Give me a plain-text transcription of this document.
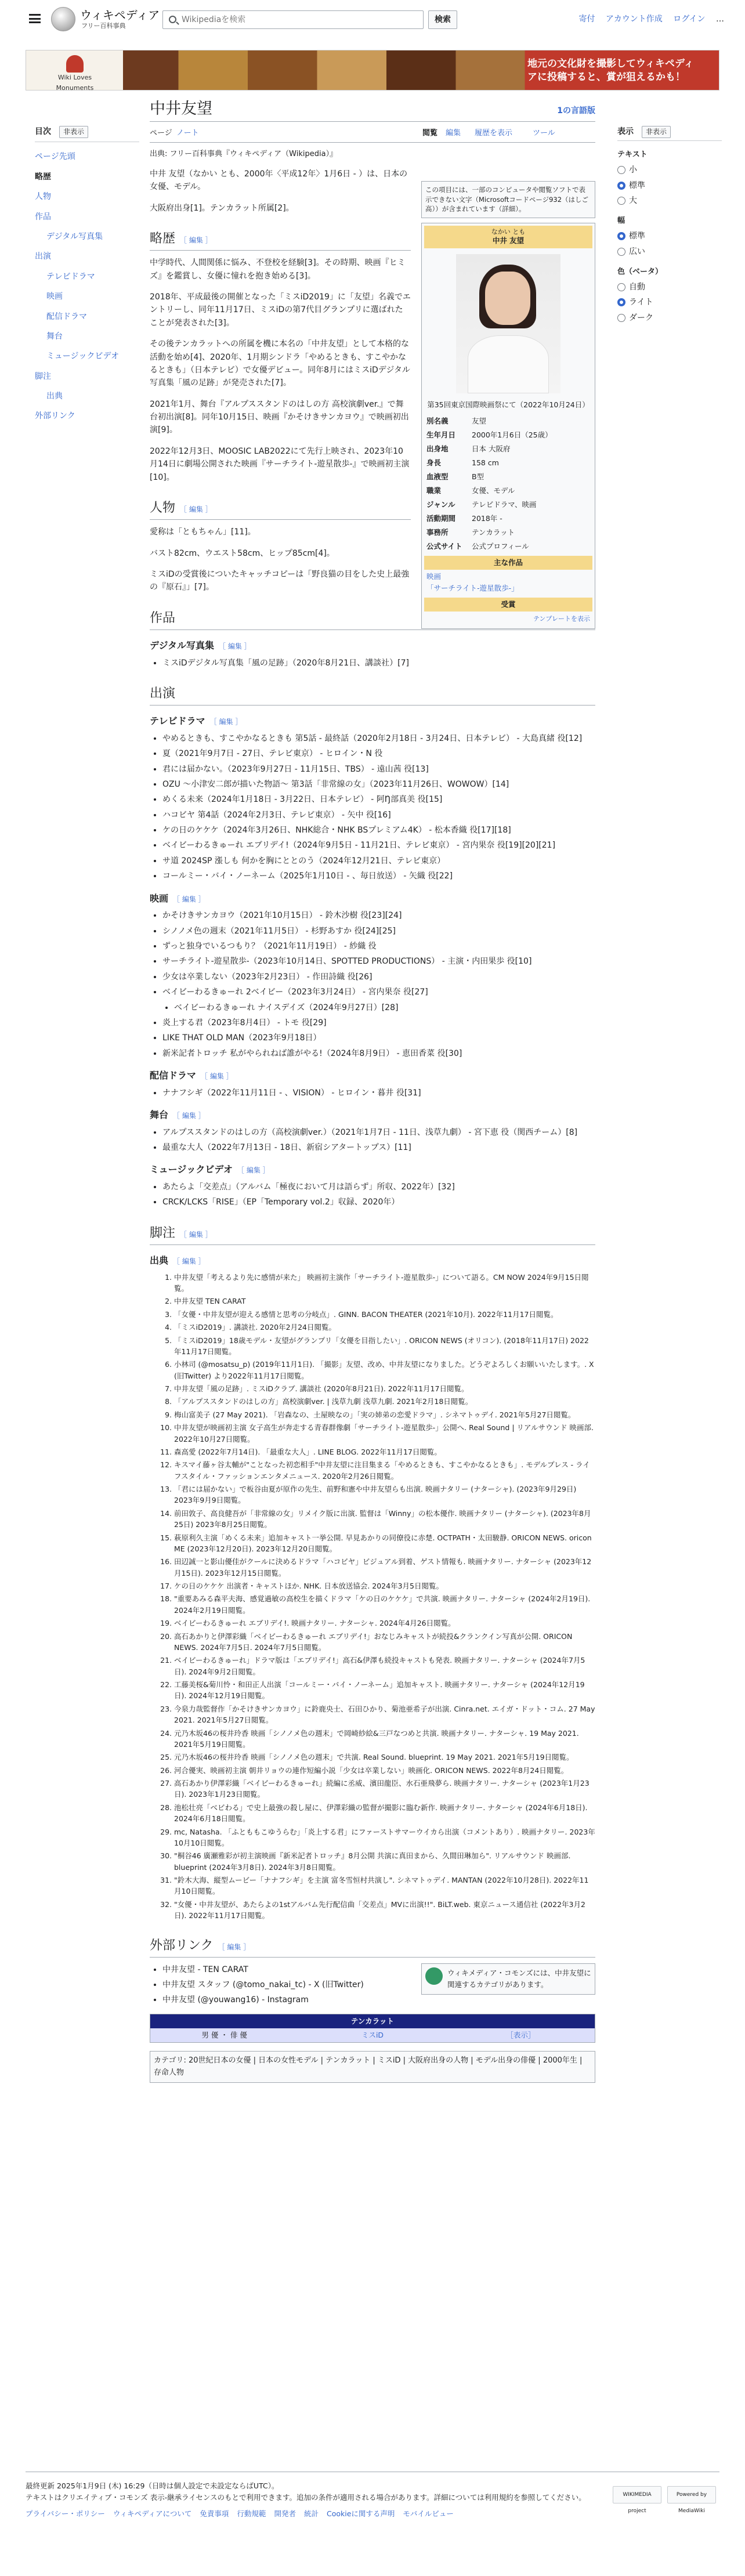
ウィキペディア
フリー百科事典
Wikipediaを検索
検索	寄付 アカウント作成 ログイン …
Wiki Loves Monuments
地元の文化財を撮影してウィキペディアに投稿すると、賞が狙えるかも！
目次 非表示
ページ先頭
略歴
人物
作品
デジタル写真集
出演
テレビドラマ
映画
配信ドラマ
舞台
ミュージックビデオ
脚注
出典
外部リンク
表示 非表示
テキスト
小
標準
大
幅
標準
広い
色（ベータ）
自動
ライト
ダーク
この項目には、一部のコンピュータや閲覧ソフトで表示できない文字（Microsoftコードページ932（はしご高））が含まれています（詳細）。
なかい とも
中井 友望
第35回東京国際映画祭にて（2022年10月24日）
別名義	友望
生年月日	2000年1月6日（25歳）
出身地	日本 大阪府
身長	158 cm
血液型	B型
職業	女優、モデル
ジャンル	テレビドラマ、映画
活動期間	2018年 -
事務所	テンカラット
公式サイト	公式プロフィール
主な作品
映画
「サーチライト-遊星散歩-」
受賞
テンプレートを表示
中井友望	1の言語版
ページ ノート	閲覧 編集 履歴を表示	ツール
出典: フリー百科事典『ウィキペディア（Wikipedia）』

中井 友望（なかい とも、2000年〈平成12年〉1月6日 - ）は、日本の女優、モデル。

大阪府出身[1]。テンカラット所属[2]。

略歴 ［ 編集 ］

中学時代、人間関係に悩み、不登校を経験[3]。その時期、映画『ヒミズ』を鑑賞し、女優に憧れを抱き始める[3]。

2018年、平成最後の開催となった「ミスiD2019」に「友望」名義でエントリーし、同年11月17日、ミスiDの第7代目グランプリに選ばれたことが発表された[3]。

その後テンカラットへの所属を機に本名の「中井友望」として本格的な活動を始め[4]、2020年、1月期シンドラ「やめるときも、すこやかなるときも」（日本テレビ）で女優デビュー。同年8月にはミスiDデジタル写真集「風の足跡」が発売された[7]。

2021年1月、舞台『アルプススタンドのはしの方 高校演劇ver.』で舞台初出演[8]。同年10月15日、映画『かそけきサンカヨウ』で映画初出演[9]。

2022年12月3日、MOOSIC LAB2022にて先行上映され、2023年10月14日に劇場公開された映画『サーチライト-遊星散歩-』で映画初主演[10]。

人物 ［ 編集 ］

愛称は「ともちゃん」[11]。

バスト82cm、ウエスト58cm、ヒップ85cm[4]。

ミスiDの受賞後についたキャッチコピーは「野良猫の目をした史上最強の『原石』」[7]。

作品
デジタル写真集 ［ 編集 ］
• ミスiDデジタル写真集「風の足跡」（2020年8月21日、講談社）[7]
出演
テレビドラマ ［ 編集 ］
• やめるときも、すこやかなるときも 第5話 - 最終話（2020年2月18日 - 3月24日、日本テレビ） - 大島真緒 役[12]
• 夏（2021年9月7日 - 27日、テレビ東京） - ヒロイン・N 役
• 君には届かない。（2023年9月27日 - 11月15日、TBS） - 遠山茜 役[13]
• OZU 〜小津安二郎が描いた物語〜 第3話「非常線の女」（2023年11月26日、WOWOW）[14]
• めくる未来（2024年1月18日 - 3月22日、日本テレビ） - 阿Ŋ部真美 役[15]
• ハコビヤ 第4話（2024年2月3日、テレビ東京） - 矢中 役[16]
• ケの日のケケケ（2024年3月26日、NHK総合・NHK BSプレミアム4K） - 松本香織 役[17][18]
• ベイビーわるきゅーれ エブリデイ!（2024年9月5日 - 11月21日、テレビ東京） - 宮内果奈 役[19][20][21]
• サ道 2024SP 漲しも 何かを胸にととのう（2024年12月21日、テレビ東京）
• コールミー・バイ・ノーネーム（2025年1月10日 - 、毎日放送） - 矢織 役[22]
映画 ［ 編集 ］
• かそけきサンカヨウ（2021年10月15日） - 鈴木沙樹 役[23][24]
• シノノメ色の週末（2021年11月5日） - 杉野あすか 役[24][25]
• ずっと独身でいるつもり？（2021年11月19日） - 紗織 役
• サーチライト-遊星散歩-（2023年10月14日、SPOTTED PRODUCTIONS） - 主演・内田果歩 役[10]
• 少女は卒業しない（2023年2月23日） - 作田詩織 役[26]
• ベイビーわるきゅーれ 2ベイビー（2023年3月24日） - 宮内果奈 役[27]
• ベイビーわるきゅーれ ナイスデイズ（2024年9月27日）[28]
• 炎上する君（2023年8月4日） - トモ 役[29]
• LIKE THAT OLD MAN（2023年9月18日）
• 新米記者トロッチ 私がやられねば誰がやる!（2024年8月9日） - 恵田香菜 役[30]
配信ドラマ ［ 編集 ］
• ナナフシギ（2022年11月11日 - 、VISION） - ヒロイン・暮井 役[31]
舞台 ［ 編集 ］
• アルプススタンドのはしの方（高校演劇ver.）（2021年1月7日 - 11日、浅草九劇） - 宮下恵 役（関西チーム）[8]
• 最重な大人（2022年7月13日 - 18日、新宿シアタートップス）[11]
ミュージックビデオ ［ 編集 ］
• あたらよ「交差点」（アルバム「極夜において月は語らず」所収、2022年）[32]
• CRCK/LCKS「RISE」（EP「Temporary vol.2」収録、2020年）
脚注 ［ 編集 ］
出典 ［ 編集 ］
1. 中井友望「考えるより先に感情が来た」 映画初主演作「サーチライト-遊星散歩-」について語る。CM NOW 2024年9月15日閲覧。
2. 中井友望 TEN CARAT
3. 「女優・中井友望が迎える感情と思考の分岐点」. GINN. BACON THEATER (2021年10月). 2022年11月17日閲覧。
4. 「ミスiD2019」. 講談社. 2020年2月24日閲覧。
5. 「ミスiD2019」18歳モデル・友望がグランプリ「女優を目指したい」. ORICON NEWS (オリコン). (2018年11月17日) 2022年11月17日閲覧。
6. 小林司 (@mosatsu_p) (2019年11月1日). 「撮影」友望、改め、中井友望になりました。どうぞよろしくお願いいたします。. X (旧Twitter) より2022年11月17日閲覧。
7. 中井友望「風の足跡」. ミスiDクラブ. 講談社 (2020年8月21日). 2022年11月17日閲覧。
8. 「アルプススタンドのはしの方」高校演劇ver. | 浅草九劇 浅草九劇. 2021年2月18日閲覧。
9. 梅山富美子 (27 May 2021). 「岩森なの、土屋映なの」「実の姉弟の恋愛ドラマ」. シネマトゥデイ. 2021年5月27日閲覧。
10. 中井友望が映画初主演 女子高生が奔走する青春群像劇「サーチライト-遊星散歩-」公開へ. Real Sound | リアルサウンド 映画部. 2022年10月27日閲覧。
11. 森高愛 (2022年7月14日). 「最重な大人」. LINE BLOG. 2022年11月17日閲覧。
12. キスマイ藤ヶ谷太輔が"ことなった初恋相手"中井友望に注目集まる「やめるときも、すこやかなるときも」. モデルプレス - ライフスタイル・ファッションエンタメニュース. 2020年2月26日閲覧。
13. 「君には届かない」で板谷由夏が原作の先生、前野和憲や中井友望らも出演. 映画ナタリー (ナターシャ). (2023年9月29日) 2023年9月9日閲覧。
14. 前田敦子、高良健吾が「非常線の女」リメイク版に出演. 監督は「Winny」の松本優作. 映画ナタリー (ナターシャ). (2023年8月25日) 2023年8月25日閲覧。
15. 萩原利久主演「めくる未来」追加キャスト一挙公開. 早見あかりの同僚役に赤楚. OCTPATH・太田駿静. ORICON NEWS. oricon ME (2023年12月20日). 2023年12月20日閲覧。
16. 田辺誠一と影山優佳がクールに決めるドラマ「ハコビヤ」ビジュアル到着、ゲスト情報も. 映画ナタリー. ナターシャ (2023年12月15日). 2023年12月15日閲覧。
17. ケの日のケケケ 出演者・キャストほか. NHK. 日本放送協会. 2024年3月5日閲覧。
18. "重要あみる森平夫海、感覚過敏の高校生を描くドラマ「ケの日のケケケ」で共演. 映画ナタリー. ナターシャ (2024年2月19日). 2024年2月19日閲覧。
19. ベイビーわるきゅーれ エブリデイ!. 映画ナタリー. ナターシャ. 2024年4月26日閲覧。
20. 高石あかりと伊澤彩織「ベイビーわるきゅーれ エブリデイ!」おなじみキャストが続投&クランクイン写真が公開. ORICON NEWS. 2024年7月5日. 2024年7月5日閲覧。
21. ベイビーわるきゅーれ」ドラマ版は「エブリデイ!」高石&伊澤も続投キャストも発表. 映画ナタリー. ナターシャ (2024年7月5日). 2024年9月2日閲覧。
22. 工藤美桜&菊川怜・和田正人出演「コールミー・バイ・ノーネーム」追加キャスト. 映画ナタリー. ナターシャ (2024年12月19日). 2024年12月19日閲覧。
23. 今泉力哉監督作「かそけきサンカヨウ」に鈴鹿央士、石田ひかり、菊池亜希子が出演. Cinra.net. エイガ・ドット・コム. 27 May 2021. 2021年5月27日閲覧。
24. 元乃木坂46の桜井玲香 映画「シノノメ色の週末」で岡崎紗絵&三戸なつめと共演. 映画ナタリー. ナターシャ. 19 May 2021. 2021年5月19日閲覧。
25. 元乃木坂46の桜井玲香 映画「シノノメ色の週末」で共演. Real Sound. blueprint. 19 May 2021. 2021年5月19日閲覧。
26. 河合優実、映画初主演 朝井リョウの連作短編小説「少女は卒業しない」映画化. ORICON NEWS. 2022年8月24日閲覧。
27. 高石あかり伊澤彩織「ベイビーわるきゅーれ」続編に丞威、濱田龍臣、水石亜飛夢ら. 映画ナタリー. ナターシャ (2023年1月23日). 2023年1月23日閲覧。
28. 池松壮亮「べビわる」で史上最強の殺し屋に、伊澤彩織の監督が撮影に臨む新作. 映画ナタリー. ナターシャ (2024年6月18日). 2024年6月18日閲覧。
29. mc, Natasha. 「ふとももこゆうらむ」「炎上する君」にファーストサマーウイカら出演（コメントあり）. 映画ナタリー. 2023年10月10日閲覧。
30. "桐谷46 廣瀬雅彩が初主演映画『新米記者トロッチ』8月公開 共演に真田まから、久間田琳加ら". リアルサウンド 映画部. blueprint (2024年3月8日). 2024年3月8日閲覧。
31. "鈴木大海、縦型ムービー「ナナフシギ」を主演 富冬雪恒村共演し". シネマトゥデイ. MANTAN (2022年10月28日). 2022年11月10日閲覧。
32. "女優・中井友望が、あたらよの1stアルバム先行配信曲「交差点」MVに出演!!". BiLT.web. 東京ニュース通信社 (2022年3月2日). 2022年11月17日閲覧。
外部リンク ［ 編集 ］
ウィキメディア・コモンズには、中井友望に関連するカテゴリがあります。
• 中井友望 - TEN CARAT
• 中井友望 スタッフ (@tomo_nakai_tc) - X (旧Twitter)
• 中井友望 (@youwang16) - Instagram
テンカラット
男 優 ・ 俳 優	ミスiD	［表示］
カテゴリ: 20世紀日本の女優 | 日本の女性モデル | テンカラット | ミスiD | 大阪府出身の人物 | モデル出身の俳優 | 2000年生 | 存命人物
最終更新 2025年1月9日 (木) 16:29（日時は個人設定で未設定ならばUTC）。
テキストはクリエイティブ・コモンズ 表示-継承ライセンスのもとで利用できます。追加の条件が適用される場合があります。詳細については利用規約を参照してください。
プライバシー・ポリシー ウィキペディアについて 免責事項 行動規範 開発者 統計 Cookieに関する声明 モバイルビュー
WIKIMEDIA project
Powered by MediaWiki
